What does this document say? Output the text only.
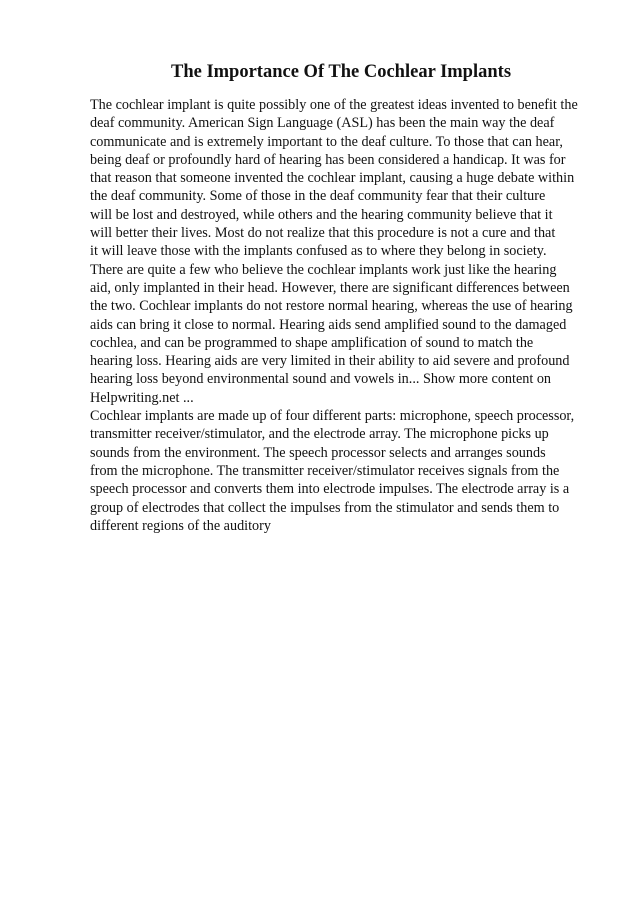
The Importance Of The Cochlear Implants
The cochlear implant is quite possibly one of the greatest ideas invented to benefit the
deaf community. American Sign Language (ASL) has been the main way the deaf
communicate and is extremely important to the deaf culture. To those that can hear,
being deaf or profoundly hard of hearing has been considered a handicap. It was for
that reason that someone invented the cochlear implant, causing a huge debate within
the deaf community. Some of those in the deaf community fear that their culture
will be lost and destroyed, while others and the hearing community believe that it
will better their lives. Most do not realize that this procedure is not a cure and that
it will leave those with the implants confused as to where they belong in society.
There are quite a few who believe the cochlear implants work just like the hearing
aid, only implanted in their head. However, there are significant differences between
the two. Cochlear implants do not restore normal hearing, whereas the use of hearing
aids can bring it close to normal. Hearing aids send amplified sound to the damaged
cochlea, and can be programmed to shape amplification of sound to match the
hearing loss. Hearing aids are very limited in their ability to aid severe and profound
hearing loss beyond environmental sound and vowels in... Show more content on
Helpwriting.net ...
Cochlear implants are made up of four different parts: microphone, speech processor,
transmitter receiver/stimulator, and the electrode array. The microphone picks up
sounds from the environment. The speech processor selects and arranges sounds
from the microphone. The transmitter receiver/stimulator receives signals from the
speech processor and converts them into electrode impulses. The electrode array is a
group of electrodes that collect the impulses from the stimulator and sends them to
different regions of the auditory
